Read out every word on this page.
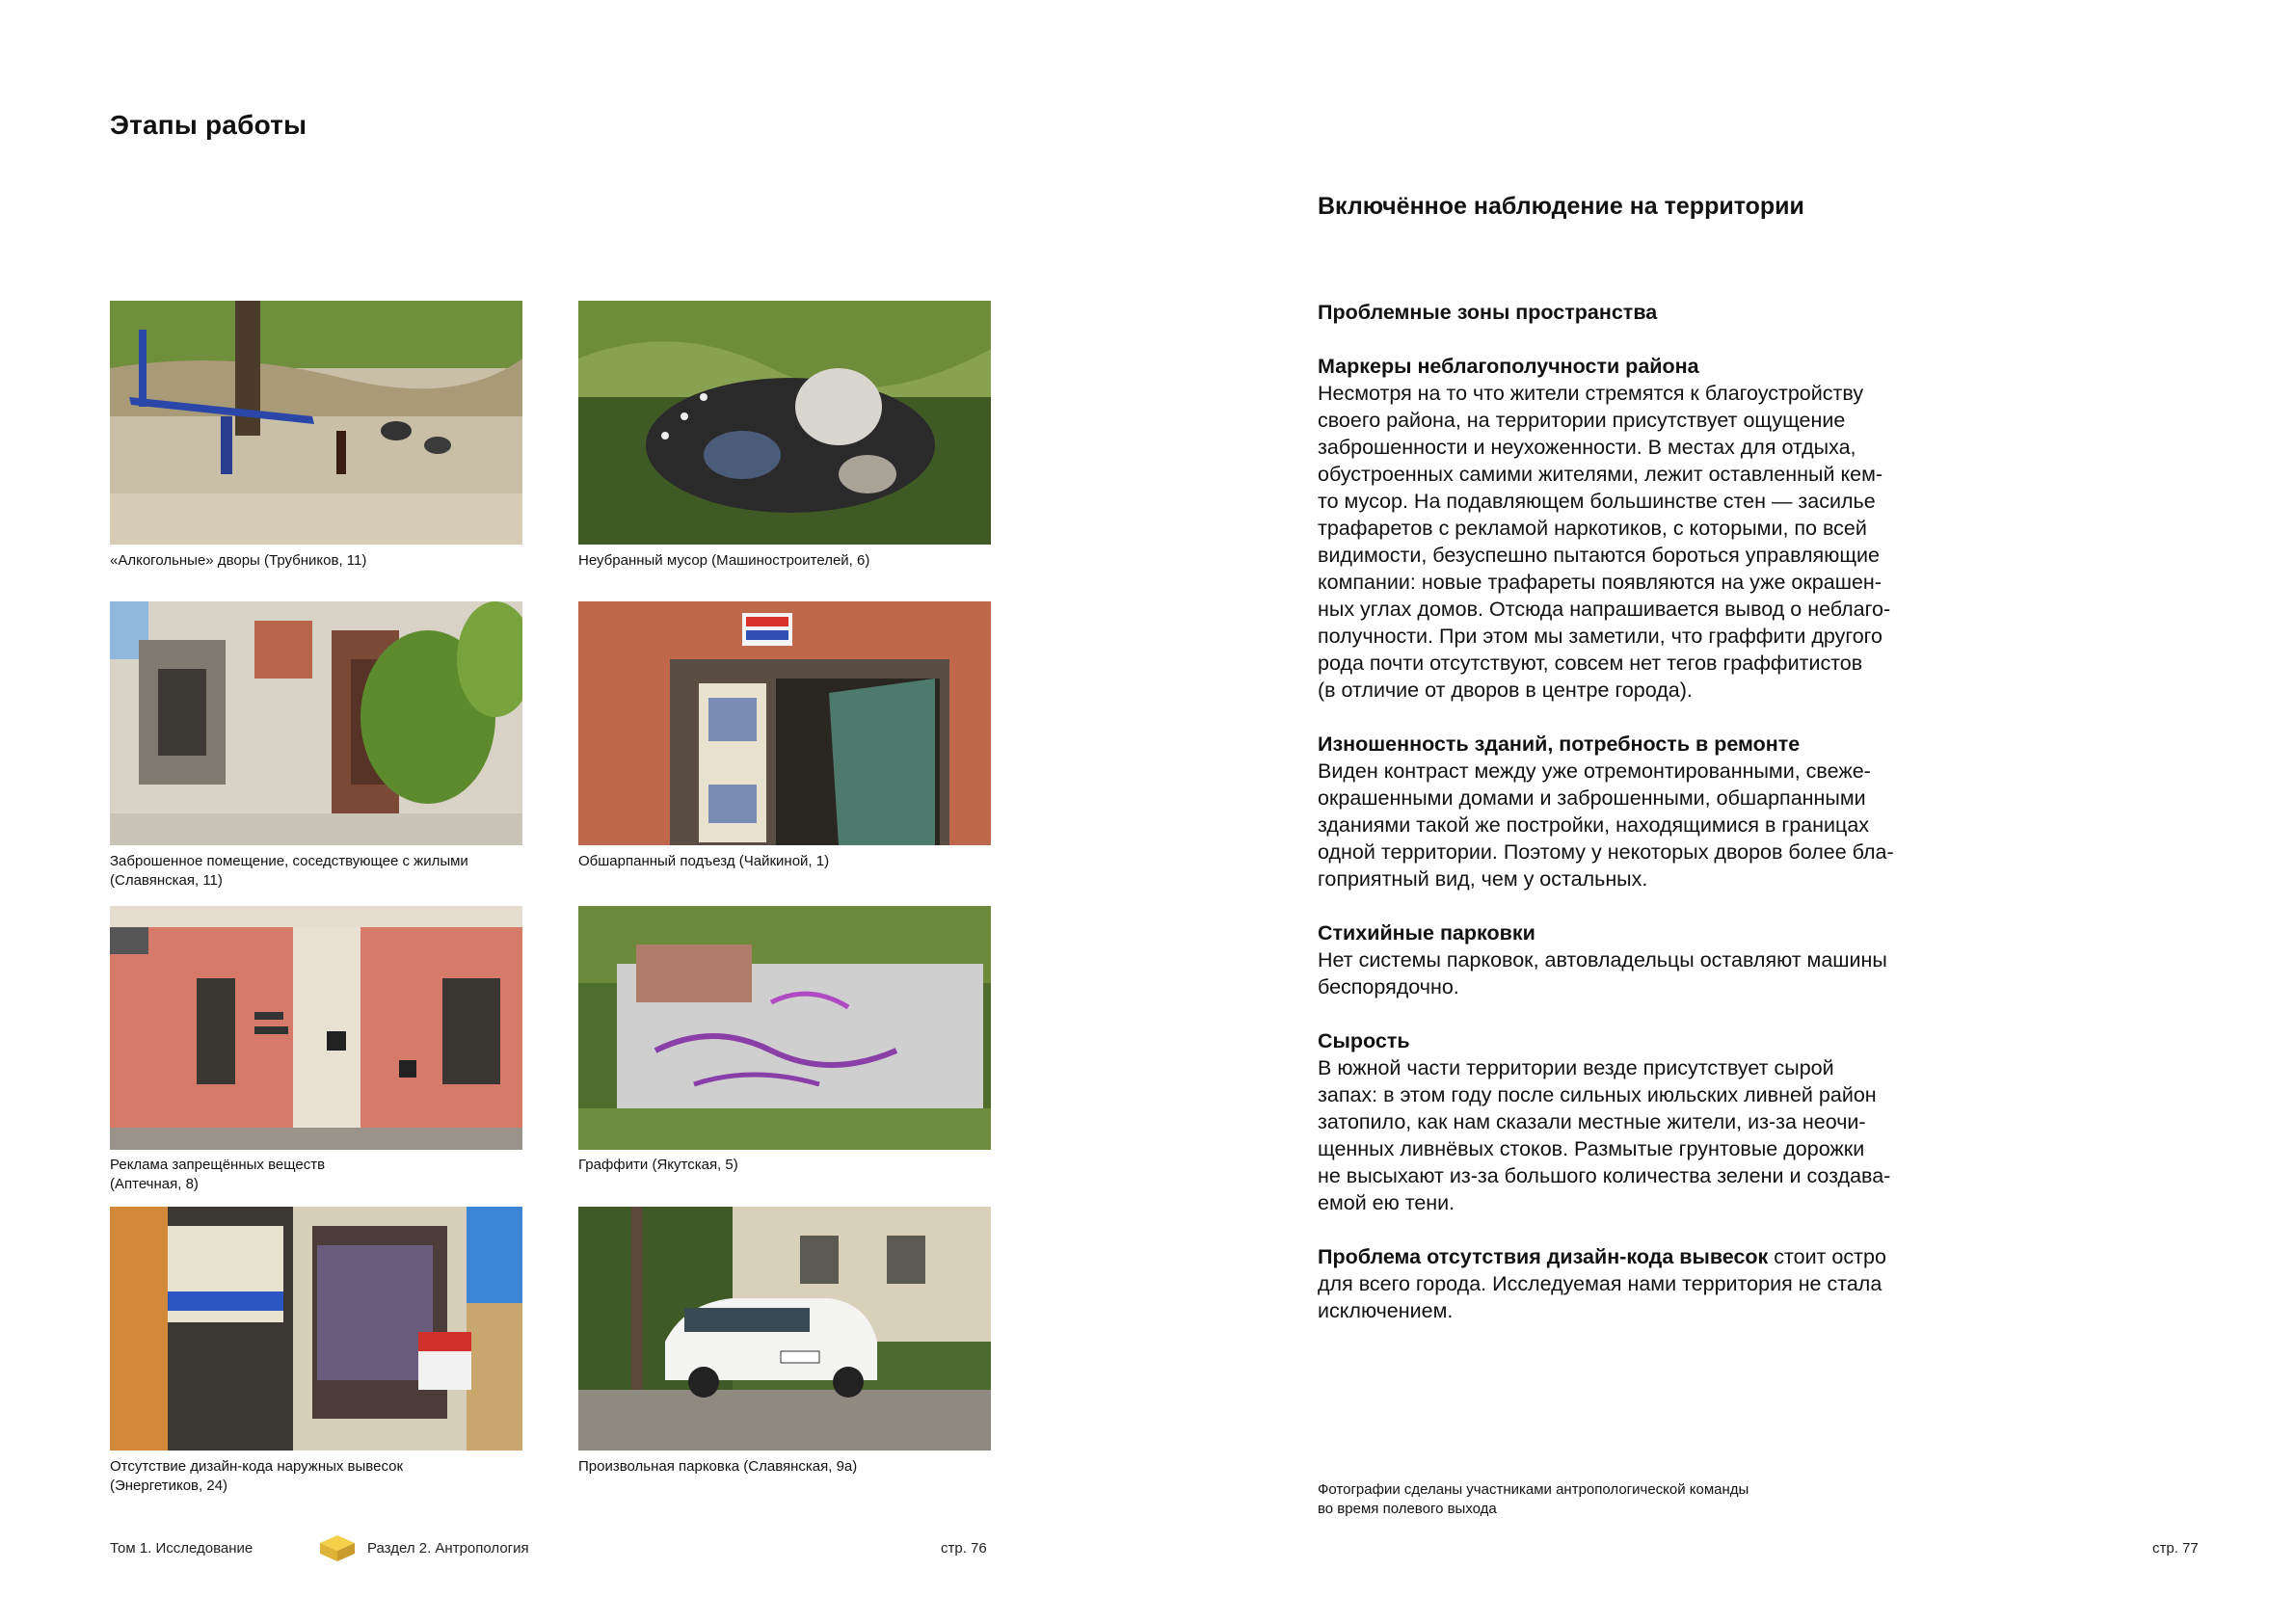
Этапы работы
«Алкогольные» дворы (Трубников, 11)	Неубранный мусор (Машиностроителей, 6)
Заброшенное помещение, соседствующее с жилыми
(Славянская, 11)
Обшарпанный подъезд (Чайкиной, 1)
Реклама запрещённых веществ
(Аптечная, 8)
Граффити (Якутская, 5)
Отсутствие дизайн-кода наружных вывесок
(Энергетиков, 24)
Произвольная парковка (Славянская, 9а)
Том 1. Исследование	Раздел 2. Антропология	стр. 76
Включённое наблюдение на территории

Проблемные зоны пространства

Маркеры неблагополучности района

Несмотря на то что жители стремятся к благоустройству

своего района, на территории присутствует ощущение

заброшенности и неухоженности. В местах для отдыха,

обустроенных самими жителями, лежит оставленный кем-

то мусор. На подавляющем большинстве стен — засилье

трафаретов с рекламой наркотиков, с которыми, по всей

видимости, безуспешно пытаются бороться управляющие

компании: новые трафареты появляются на уже окрашен-

ных углах домов. Отсюда напрашивается вывод о неблаго-

получности. При этом мы заметили, что граффити другого

рода почти отсутствуют, совсем нет тегов граффитистов

(в отличие от дворов в центре города).

Изношенность зданий, потребность в ремонте

Виден контраст между уже отремонтированными, свеже-

окрашенными домами и заброшенными, обшарпанными

зданиями такой же постройки, находящимися в границах

одной территории. Поэтому у некоторых дворов более бла-

гоприятный вид, чем у остальных.

Стихийные парковки

Нет системы парковок, автовладельцы оставляют машины

беспорядочно.

Сырость

В южной части территории везде присутствует сырой

запах: в этом году после сильных июльских ливней район

затопило, как нам сказали местные жители, из-за неочи-

щенных ливнёвых стоков. Размытые грунтовые дорожки

не высыхают из-за большого количества зелени и создава-

емой ею тени.

Проблема отсутствия дизайн-кода вывесок стоит остро

для всего города. Исследуемая нами территория не стала

исключением.

Фотографии сделаны участниками антропологической команды
во время полевого выхода
стр. 77
